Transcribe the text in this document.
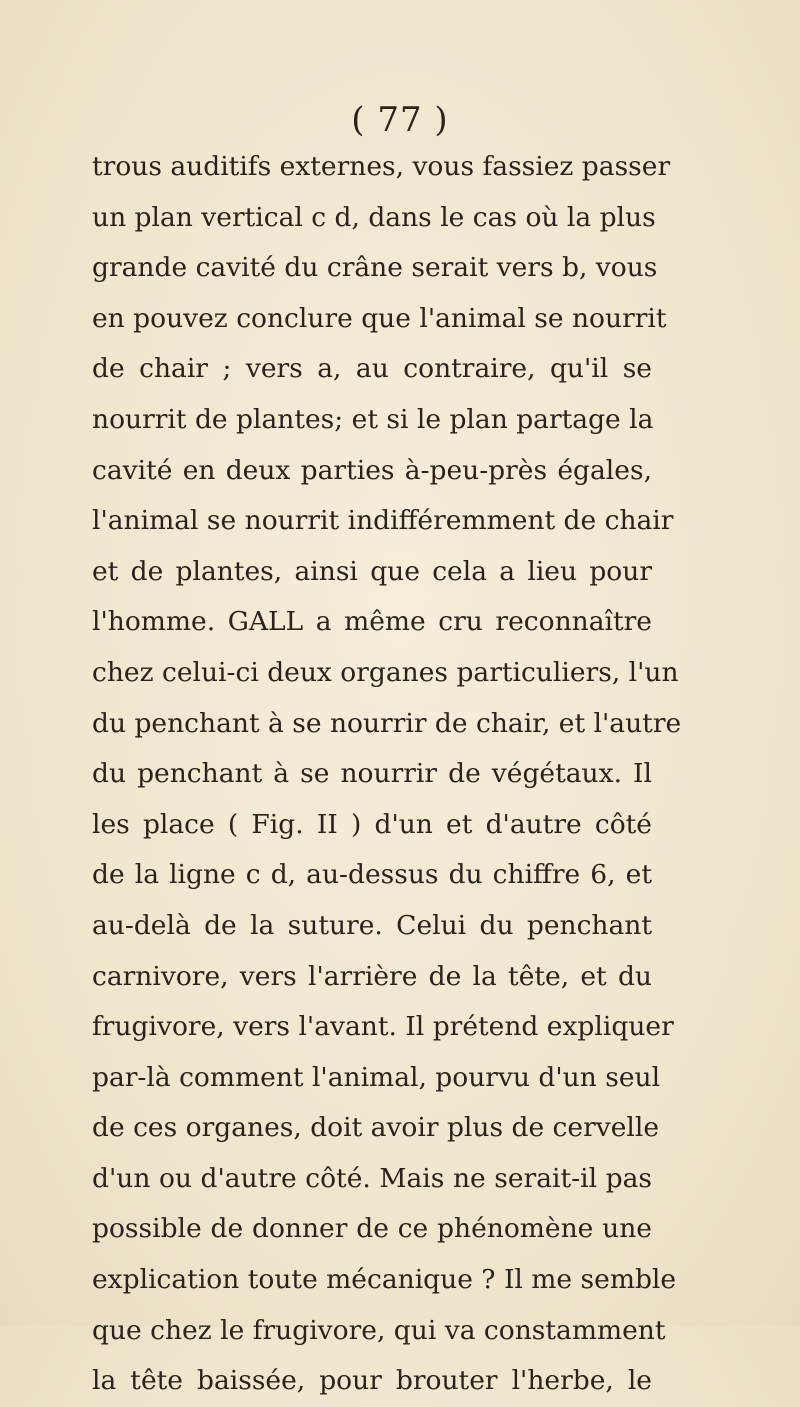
( 77 )
trous auditifs externes, vous fassiez passer
un plan vertical c d, dans le cas où la plus
grande cavité du crâne serait vers b, vous
en pouvez conclure que l'animal se nourrit
de chair ; vers a, au contraire, qu'il se
nourrit de plantes; et si le plan partage la
cavité en deux parties à-peu-près égales,
l'animal se nourrit indifféremment de chair
et de plantes, ainsi que cela a lieu pour
l'homme. GALL a même cru reconnaître
chez celui-ci deux organes particuliers, l'un
du penchant à se nourrir de chair, et l'autre
du penchant à se nourrir de végétaux. Il
les place ( Fig. II ) d'un et d'autre côté
de la ligne c d, au-dessus du chiffre 6, et
au-delà de la suture. Celui du penchant
carnivore, vers l'arrière de la tête, et du
frugivore, vers l'avant. Il prétend expliquer
par-là comment l'animal, pourvu d'un seul
de ces organes, doit avoir plus de cervelle
d'un ou d'autre côté. Mais ne serait-il pas
possible de donner de ce phénomène une
explication toute mécanique ? Il me semble
que chez le frugivore, qui va constamment
la tête baissée, pour brouter l'herbe, le
